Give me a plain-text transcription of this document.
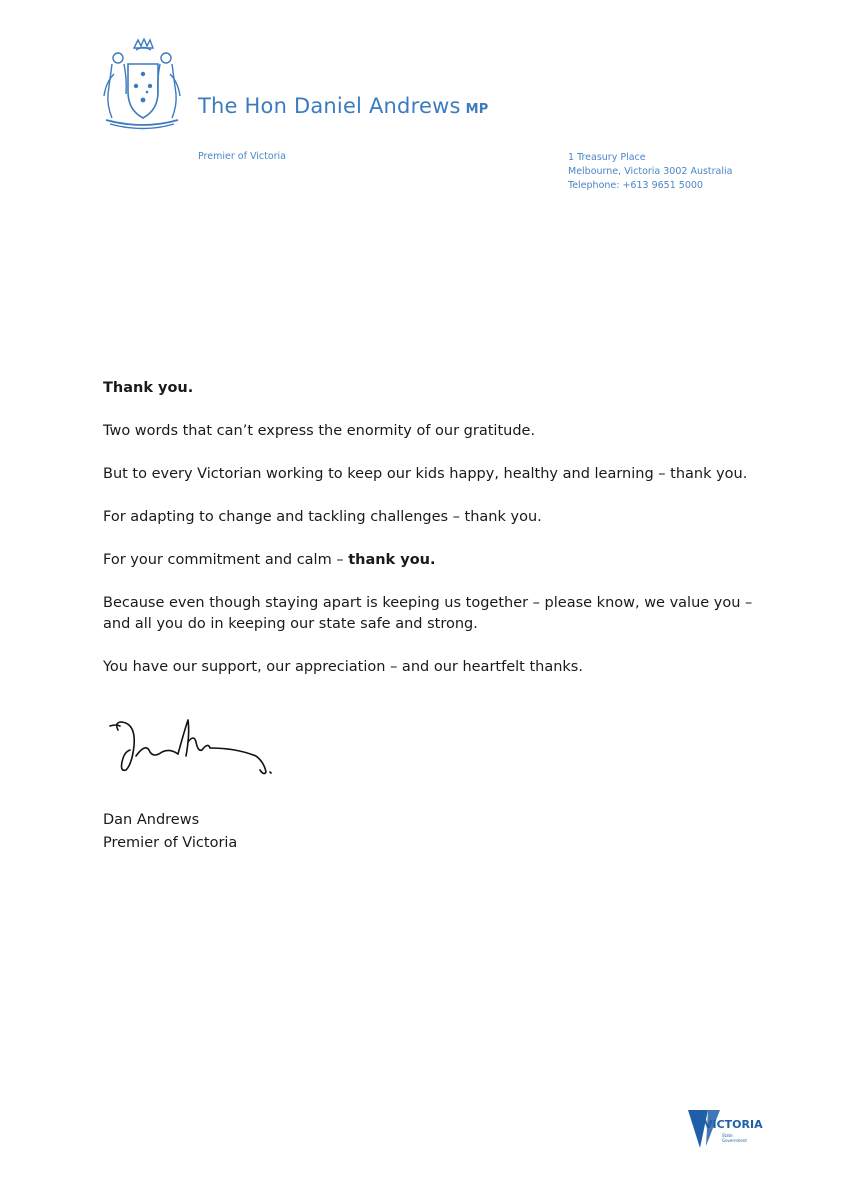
The Hon Daniel Andrews MP
Premier of Victoria	1 Treasury Place
Melbourne, Victoria 3002 Australia
Telephone: +613 9651 5000

Thank you.

Two words that can’t express the enormity of our gratitude.

But to every Victorian working to keep our kids happy, healthy and learning – thank you.

For adapting to change and tackling challenges – thank you.

For your commitment and calm – thank you.

Because even though staying apart is keeping us together – please know, we value you – and all you do in keeping our state safe and strong.

You have our support, our appreciation – and our heartfelt thanks.

Dan Andrews
Premier of Victoria
VICTORIA
State
Government
